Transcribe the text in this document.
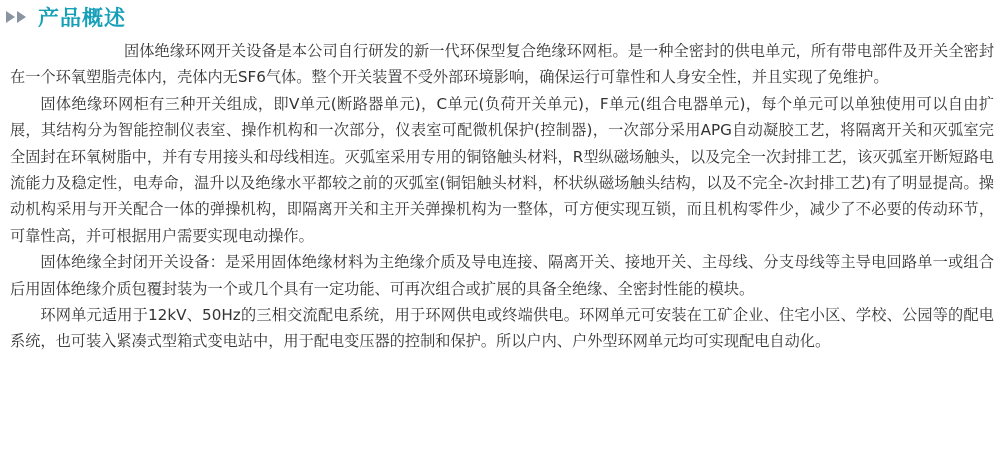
产品概述

固体绝缘环网开关设备是本公司自行研发的新一代环保型复合绝缘环网柜。是一种全密封的供电单元，所有带电部件及开关全密封在一个环氧塑脂壳体内，壳体内无SF6气体。整个开关装置不受外部环境影响，确保运行可靠性和人身安全性，并且实现了免维护。

固体绝缘环网柜有三种开关组成，即V单元(断路器单元)，C单元(负荷开关单元)，F单元(组合电器单元)，每个单元可以单独使用可以自由扩展，其结构分为智能控制仪表室、操作机构和一次部分，仪表室可配微机保护(控制器)，一次部分采用APG自动凝胶工艺，将隔离开关和灭弧室完全固封在环氧树脂中，并有专用接头和母线相连。灭弧室采用专用的铜铬触头材料，R型纵磁场触头，以及完全一次封排工艺，该灭弧室开断短路电流能力及稳定性，电寿命，温升以及绝缘水平都较之前的灭弧室(铜铝触头材料，杯状纵磁场触头结构，以及不完全-次封排工艺)有了明显提高。操动机构采用与开关配合一体的弹操机构，即隔离开关和主开关弹操机构为一整体，可方便实现互锁，而且机构零件少，减少了不必要的传动环节，可靠性高，并可根据用户需要实现电动操作。

固体绝缘全封闭开关设备：是采用固体绝缘材料为主绝缘介质及导电连接、隔离开关、接地开关、主母线、分支母线等主导电回路单一或组合后用固体绝缘介质包覆封装为一个或几个具有一定功能、可再次组合或扩展的具备全绝缘、全密封性能的模块。

环网单元适用于12kV、50Hz的三相交流配电系统，用于环网供电或终端供电。环网单元可安装在工矿企业、住宅小区、学校、公园等的配电系统，也可装入紧凑式型箱式变电站中，用于配电变压器的控制和保护。所以户内、户外型环网单元均可实现配电自动化。
